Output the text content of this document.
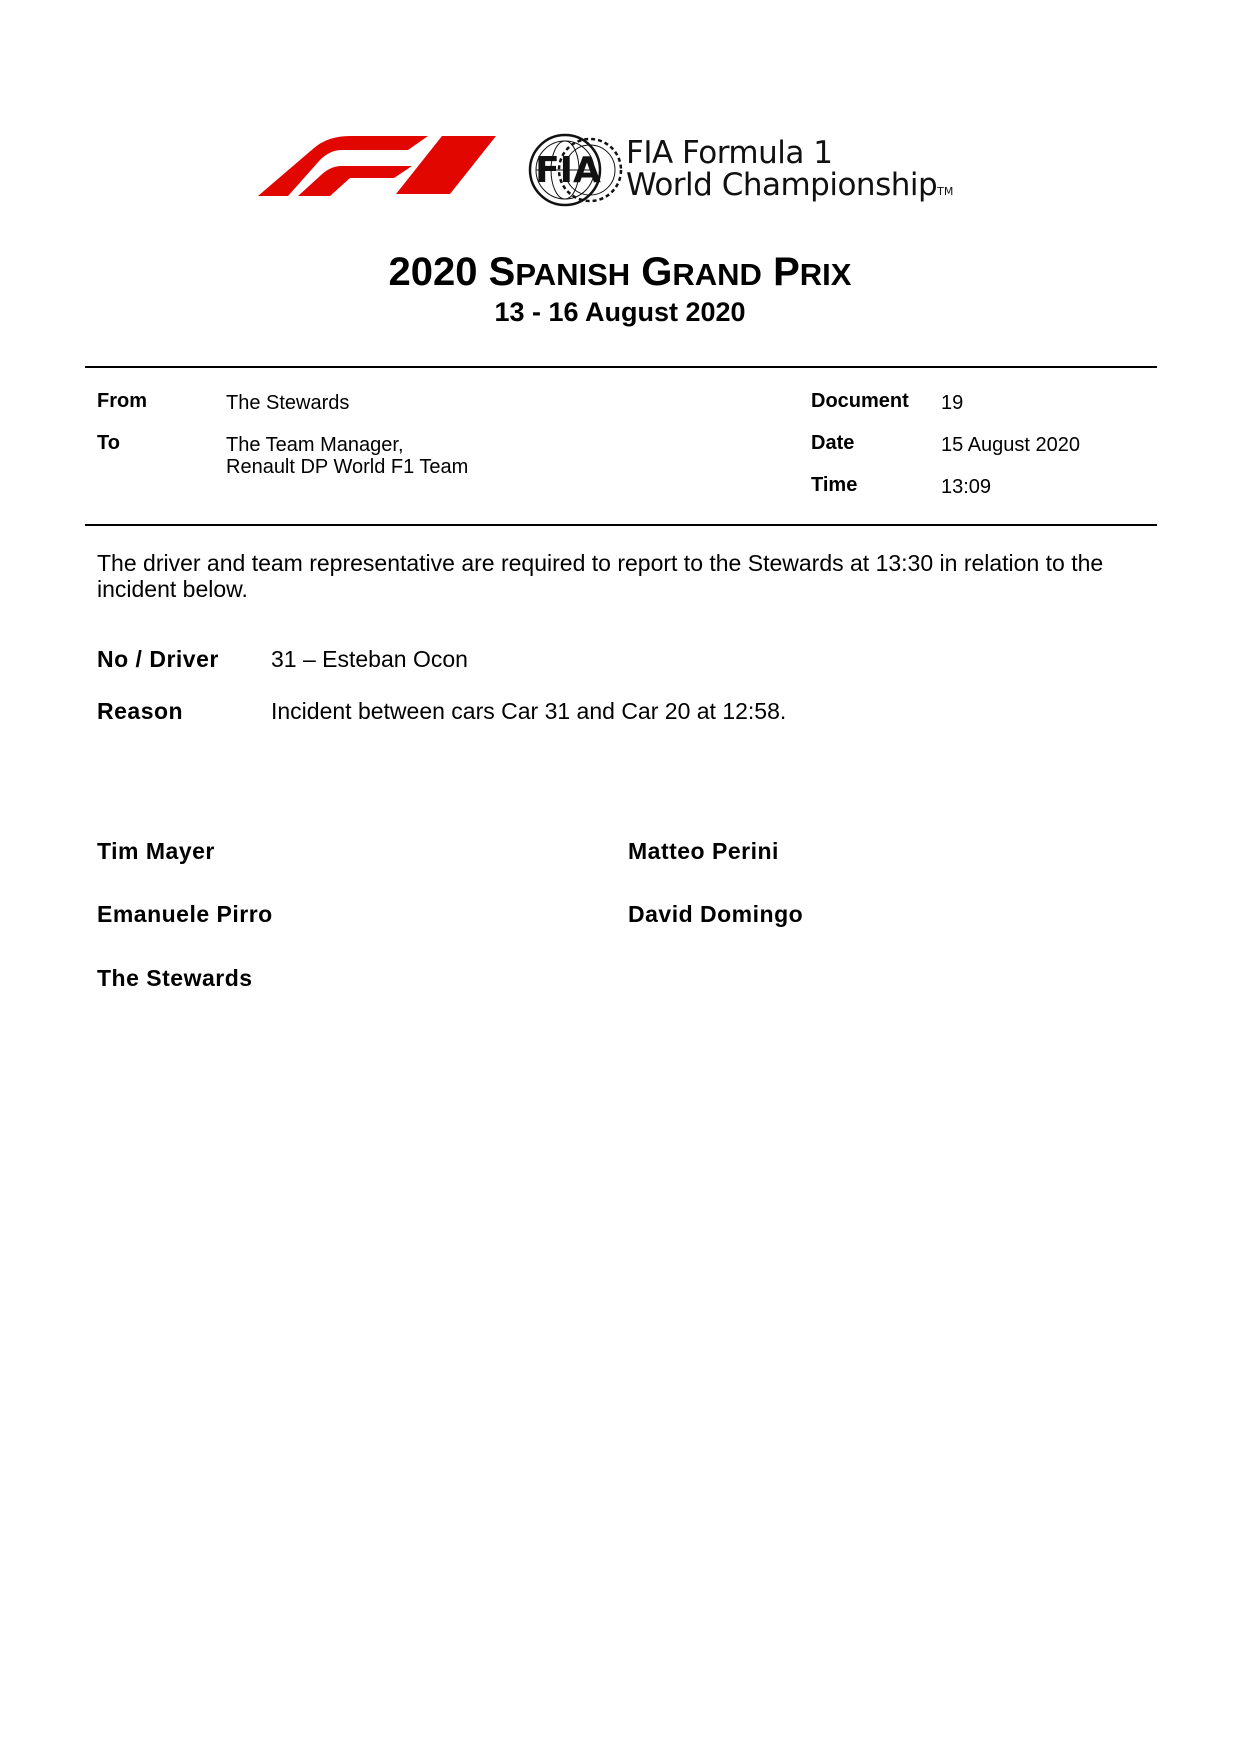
FIA FIA Formula 1
World ChampionshipTM
2020 SPANISH GRAND PRIX
13 - 16 August 2020
From	The Stewards
To	The Team Manager,
Renault DP World F1 Team
Document 19
Date	15 August 2020
Time	13:09
The driver and team representative are required to report to the Stewards at 13:30 in relation to the incident below.
No / Driver 31 – Esteban Ocon
Reason	Incident between cars Car 31 and Car 20 at 12:58.
Tim Mayer	Matteo Perini
Emanuele Pirro	David Domingo
The Stewards
